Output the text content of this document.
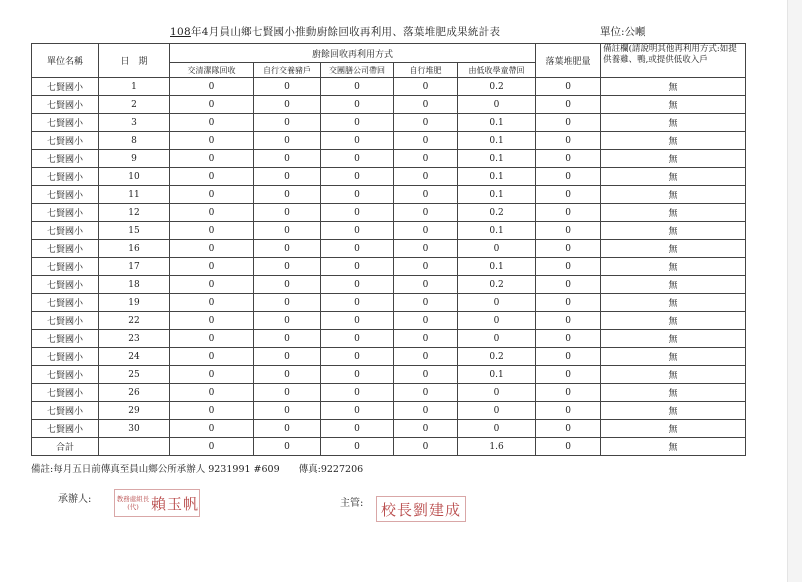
108年4月員山鄉七賢國小推動廚餘回收再利用、落葉堆肥成果統計表	單位:公噸
單位名稱	日　期	廚餘回收再利用方式					落葉堆肥量	備註欄(請說明其他再利用方式:如提供養雞、鴨,或提供低收入戶
		交清潔隊回收	自行交養豬戶	交團膳公司帶回	自行堆肥	由低收學童帶回		
七賢國小	1	0	0	0	0	0.2	0	無
七賢國小	2	0	0	0	0	0	0	無
七賢國小	3	0	0	0	0	0.1	0	無
七賢國小	8	0	0	0	0	0.1	0	無
七賢國小	9	0	0	0	0	0.1	0	無
七賢國小	10	0	0	0	0	0.1	0	無
七賢國小	11	0	0	0	0	0.1	0	無
七賢國小	12	0	0	0	0	0.2	0	無
七賢國小	15	0	0	0	0	0.1	0	無
七賢國小	16	0	0	0	0	0	0	無
七賢國小	17	0	0	0	0	0.1	0	無
七賢國小	18	0	0	0	0	0.2	0	無
七賢國小	19	0	0	0	0	0	0	無
七賢國小	22	0	0	0	0	0	0	無
七賢國小	23	0	0	0	0	0	0	無
七賢國小	24	0	0	0	0	0.2	0	無
七賢國小	25	0	0	0	0	0.1	0	無
七賢國小	26	0	0	0	0	0	0	無
七賢國小	29	0	0	0	0	0	0	無
七賢國小	30	0	0	0	0	0	0	無
合計		0	0	0	0	1.6	0	無
備註:每月五日前傳真至員山鄉公所承辦人 9231991 #609　　傳真:9227206
承辦人:	教務處組長 (代) 賴玉帆	主管:	校長劉建成
